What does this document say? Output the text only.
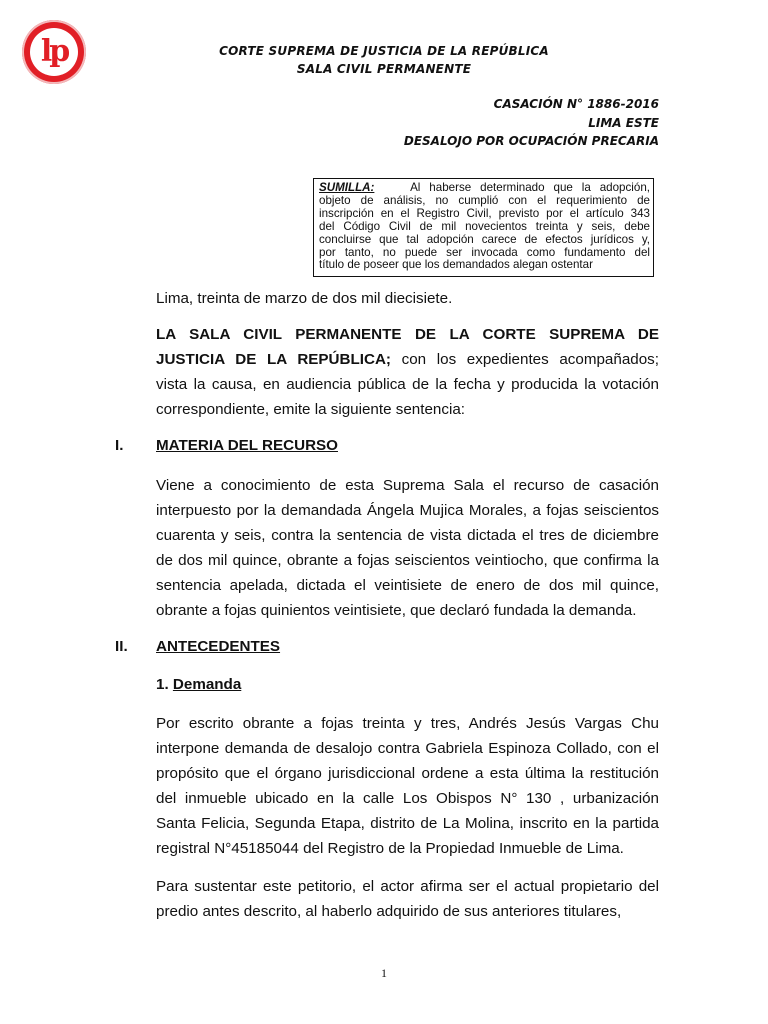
lp	CORTE SUPREMA DE JUSTICIA DE LA REPÚBLICA
SALA CIVIL PERMANENTE
CASACIÓN N° 1886-2016
LIMA ESTE
DESALOJO POR OCUPACIÓN PRECARIA
SUMILLA:	Al haberse determinado que la adopción,
objeto de análisis, no cumplió con el requerimiento de
inscripción en el Registro Civil, previsto por el artículo 343
del Código Civil de mil novecientos treinta y seis, debe
concluirse que tal adopción carece de efectos jurídicos y,
por tanto, no puede ser invocada como fundamento del
título de poseer que los demandados alegan ostentar
Lima, treinta de marzo de dos mil diecisiete.
LA SALA CIVIL PERMANENTE DE LA CORTE SUPREMA DE
JUSTICIA DE LA REPÚBLICA; con los expedientes acompañados;
vista la causa, en audiencia pública de la fecha y producida la votación
correspondiente, emite la siguiente sentencia:
I. MATERIA DEL RECURSO
Viene a conocimiento de esta Suprema Sala el recurso de casación
interpuesto por la demandada Ángela Mujica Morales, a fojas seiscientos
cuarenta y seis, contra la sentencia de vista dictada el tres de diciembre
de dos mil quince, obrante a fojas seiscientos veintiocho, que confirma la
sentencia apelada, dictada el veintisiete de enero de dos mil quince,
obrante a fojas quinientos veintisiete, que declaró fundada la demanda.
II. ANTECEDENTES
1. Demanda
Por escrito obrante a fojas treinta y tres, Andrés Jesús Vargas Chu
interpone demanda de desalojo contra Gabriela Espinoza Collado, con el
propósito que el órgano jurisdiccional ordene a esta última la restitución
del inmueble ubicado en la calle Los Obispos N° 130 , urbanización
Santa Felicia, Segunda Etapa, distrito de La Molina, inscrito en la partida
registral N°45185044 del Registro de la Propiedad Inmueble de Lima.
Para sustentar este petitorio, el actor afirma ser el actual propietario del
predio antes descrito, al haberlo adquirido de sus anteriores titulares,
1
